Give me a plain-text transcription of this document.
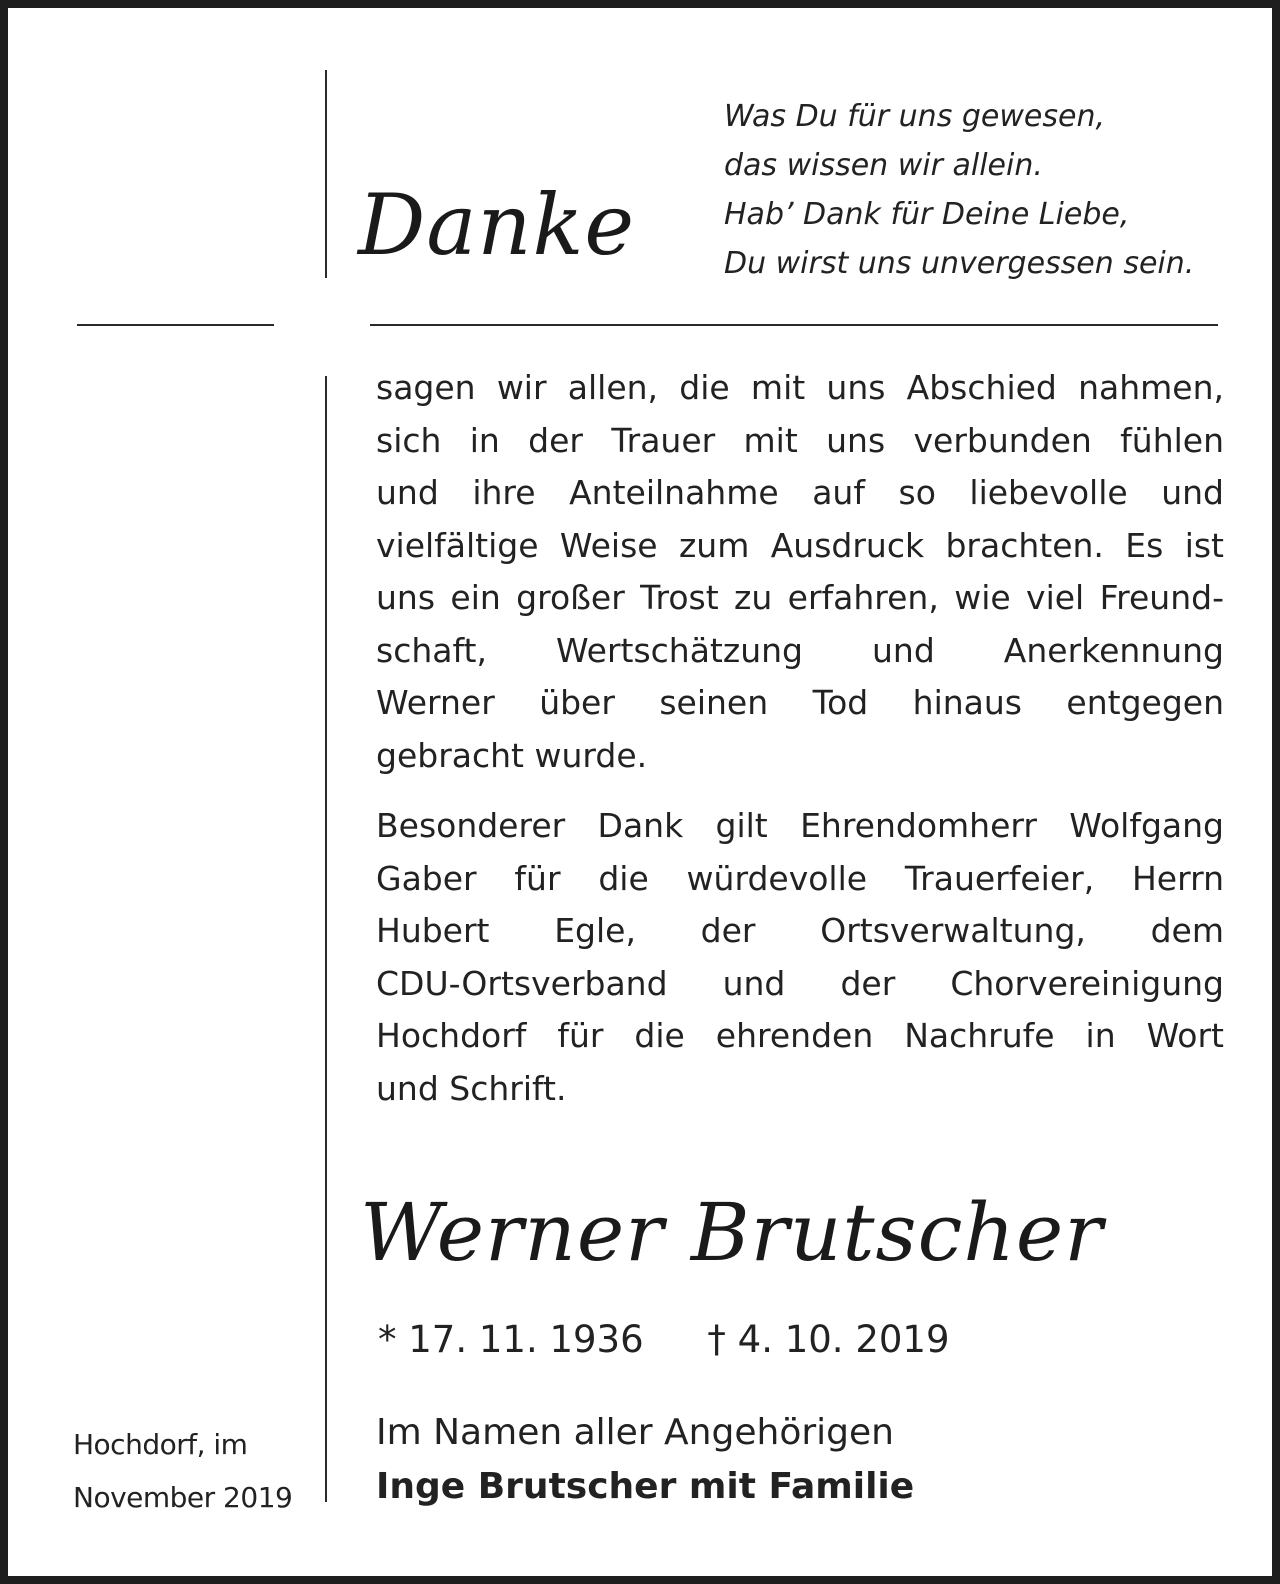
Danke
Was Du für uns gewesen,
das wissen wir allein.
Hab’ Dank für Deine Liebe,
Du wirst uns unvergessen sein.
sagen wir allen, die mit uns Abschied nahmen,
sich in der Trauer mit uns verbunden fühlen
und ihre Anteilnahme auf so liebevolle und
vielfältige Weise zum Ausdruck brachten. Es ist
uns ein großer Trost zu erfahren, wie viel Freund-
schaft, Wertschätzung und Anerkennung
Werner über seinen Tod hinaus entgegen
gebracht wurde.
Besonderer Dank gilt Ehrendomherr Wolfgang
Gaber für die würdevolle Trauerfeier, Herrn
Hubert Egle, der Ortsverwaltung, dem
CDU-Ortsverband und der Chorvereinigung
Hochdorf für die ehrenden Nachrufe in Wort
und Schrift.
Werner Brutscher
* 17. 11. 1936 † 4. 10. 2019
Hochdorf, im
November 2019
Im Namen aller Angehörigen
Inge Brutscher mit Familie
